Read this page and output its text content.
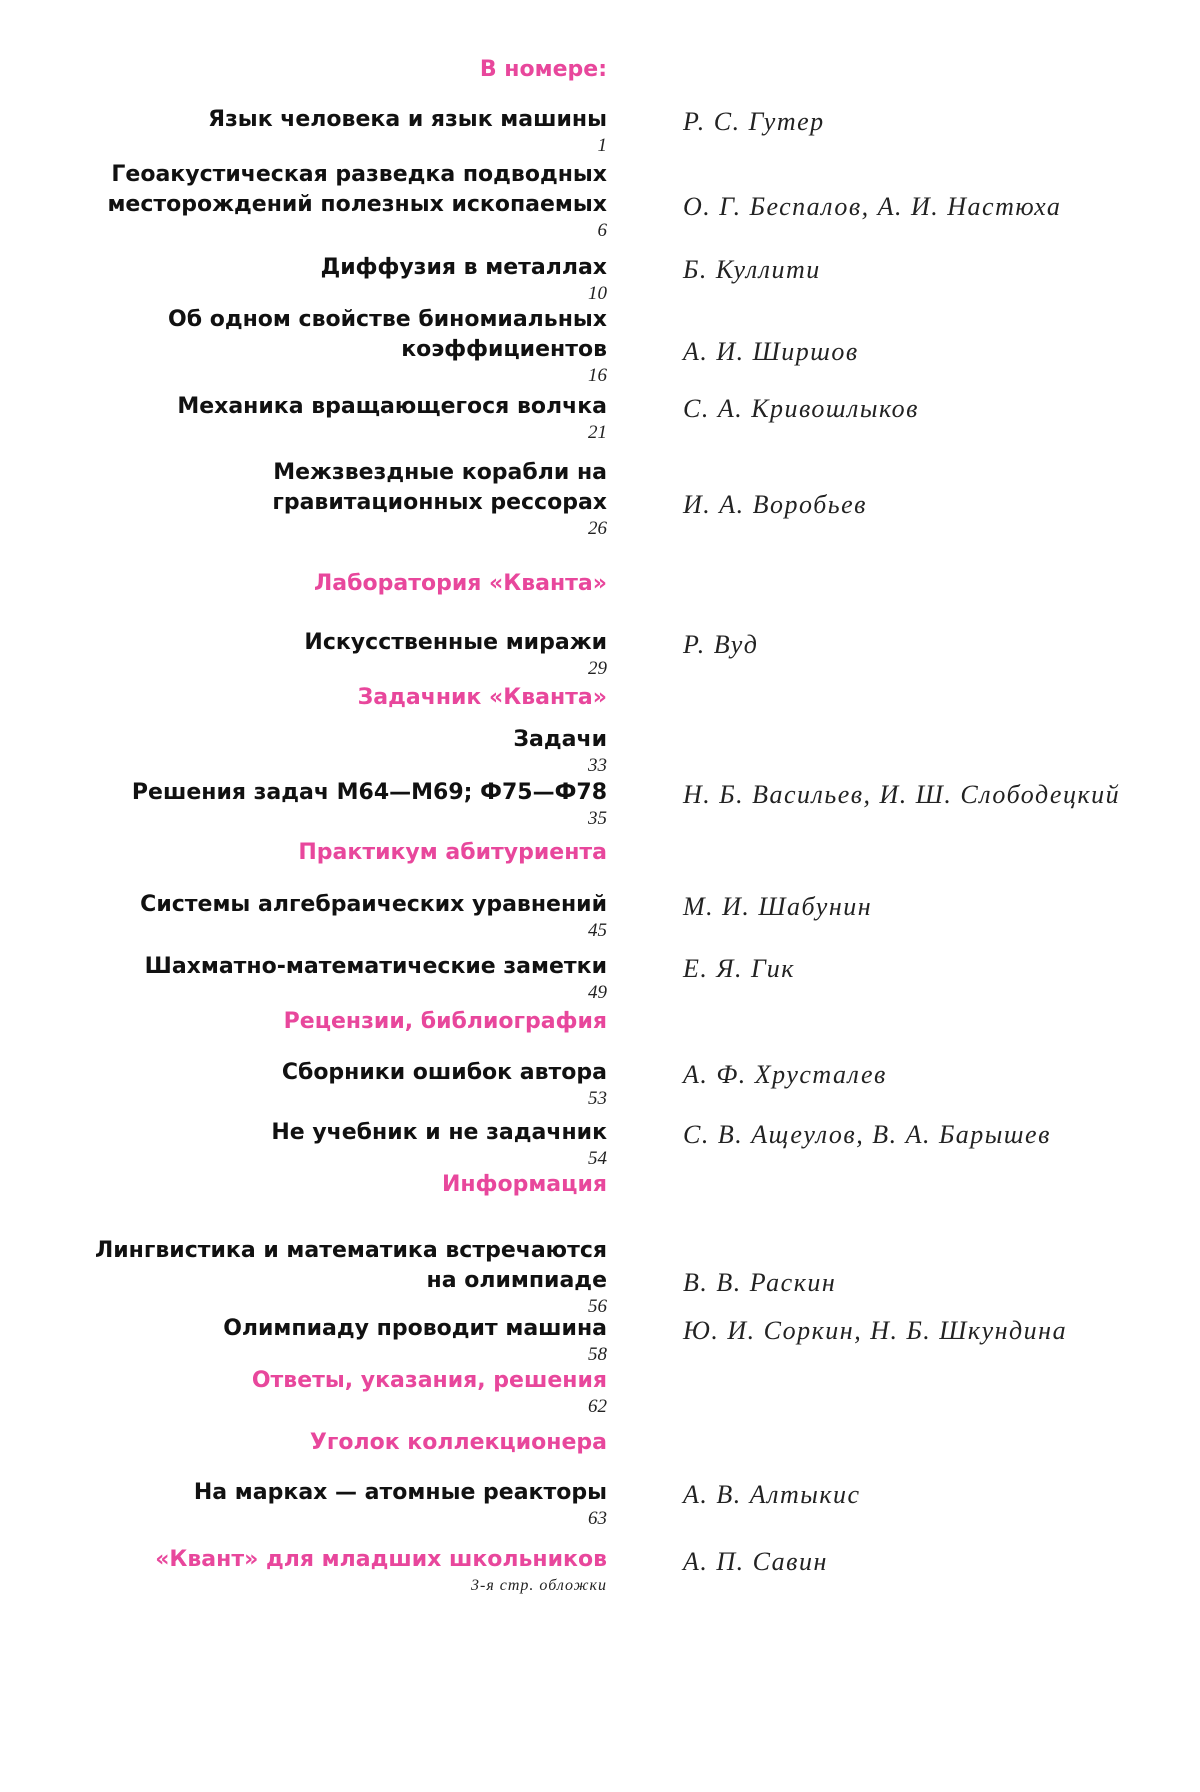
В номере:
Язык человека и язык машины
1
Р. С. Гутер
Геоакустическая разведка подводных
месторождений полезных ископаемых
6
О. Г. Беспалов, А. И. Настюха
Диффузия в металлах
10
Б. Куллити
Об одном свойстве биномиальных
коэффициентов
16
А. И. Ширшов
Механика вращающегося волчка
21
С. А. Кривошлыков
Межзвездные корабли на
гравитационных рессорах
26
И. А. Воробьев
Лаборатория «Кванта»
Искусственные миражи
29
Р. Вуд
Задачник «Кванта»
Задачи
33
Решения задач М64—М69; Ф75—Ф78
35
Н. Б. Васильев, И. Ш. Слободецкий
Практикум абитуриента
Системы алгебраических уравнений
45
М. И. Шабунин
Шахматно-математические заметки
49
Е. Я. Гик
Рецензии, библиография
Сборники ошибок автора
53
А. Ф. Хрусталев
Не учебник и не задачник
54
С. В. Ащеулов, В. А. Барышев
Информация
Лингвистика и математика встречаются
на олимпиаде
56
В. В. Раскин
Олимпиаду проводит машина
58
Ю. И. Соркин, Н. Б. Шкундина
Ответы, указания, решения
62
Уголок коллекционера
На марках — атомные реакторы
63
А. В. Алтыкис
«Квант» для младших школьников
3-я стр. обложки
А. П. Савин
